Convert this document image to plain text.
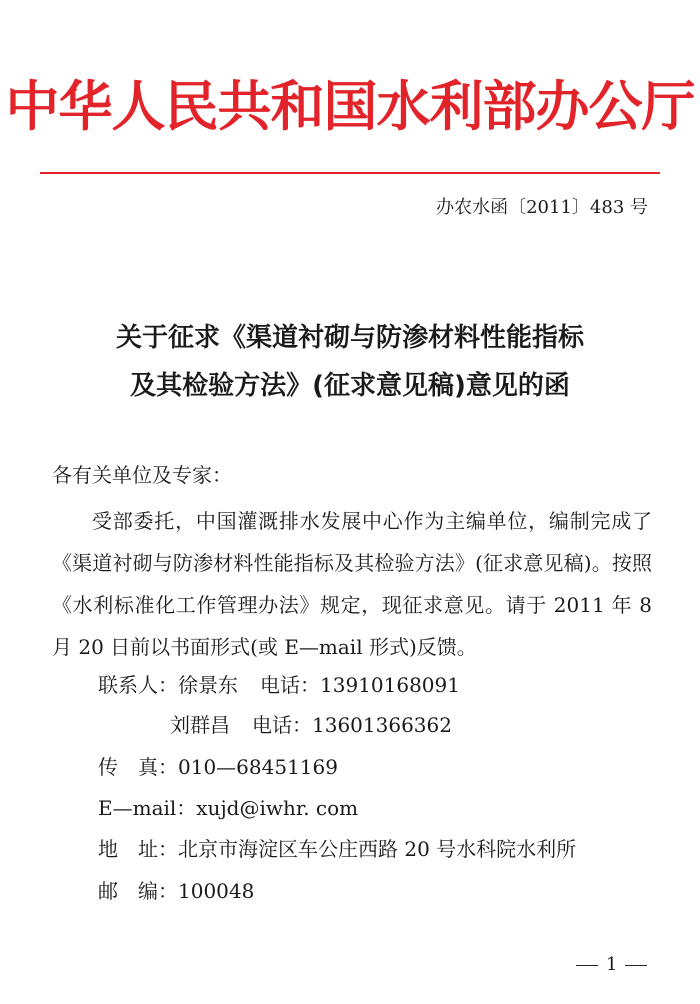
中华人民共和国水利部办公厅
办农水函〔2011〕483 号
关于征求《渠道衬砌与防渗材料性能指标
及其检验方法》(征求意见稿)意见的函
各有关单位及专家：
受部委托，中国灌溉排水发展中心作为主编单位，编制完成了《渠道衬砌与防渗材料性能指标及其检验方法》(征求意见稿)。按照《水利标准化工作管理办法》规定，现征求意见。请于 2011 年 8 月 20 日前以书面形式(或 E—mail 形式)反馈。
联系人：徐景东 电话：13910168091
刘群昌 电话：13601366362
传　真：010—68451169
E—mail：xujd@iwhr. com
地　址：北京市海淀区车公庄西路 20 号水科院水利所
邮　编：100048
1
